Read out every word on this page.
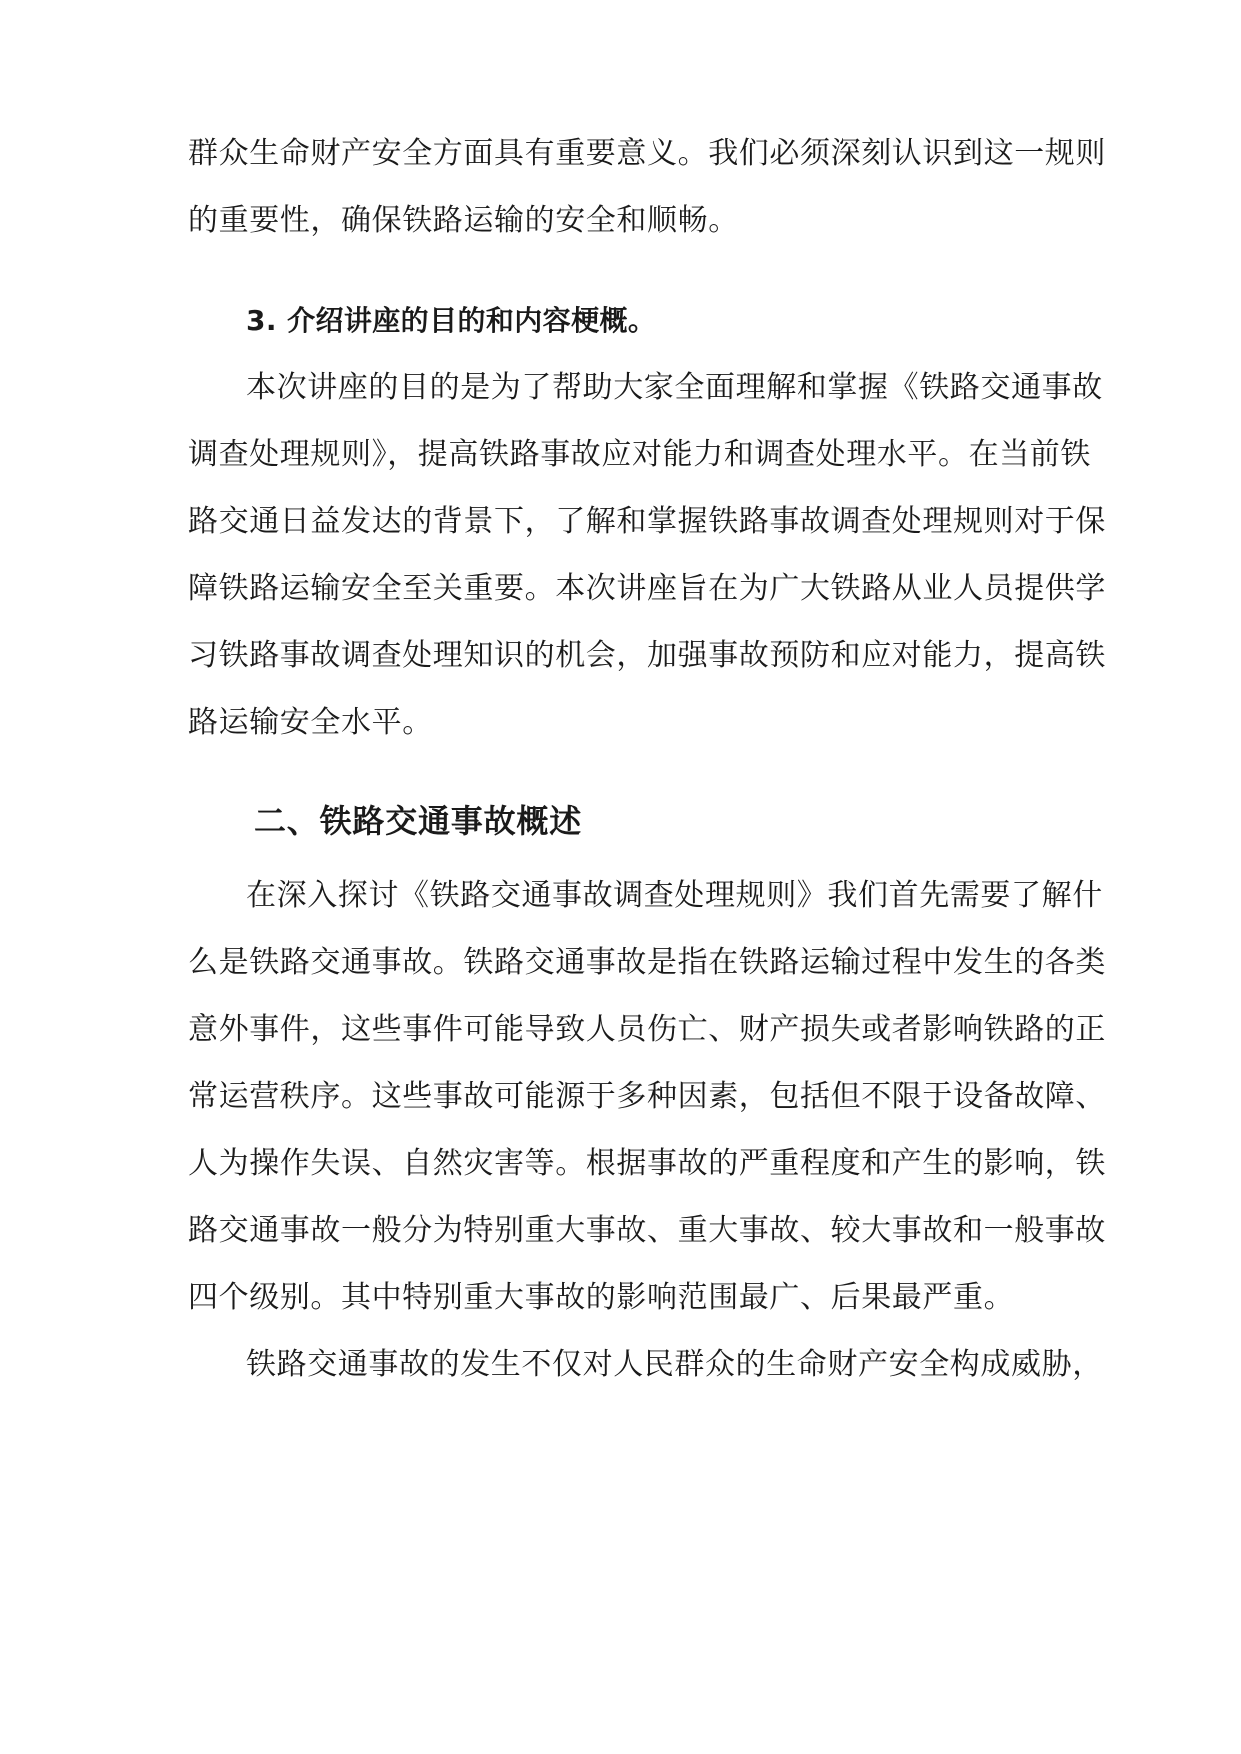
群众生命财产安全方面具有重要意义。我们必须深刻认识到这一规则
的重要性，确保铁路运输的安全和顺畅。
3. 介绍讲座的目的和内容梗概。
本次讲座的目的是为了帮助大家全面理解和掌握《铁路交通事故
调查处理规则》，提高铁路事故应对能力和调查处理水平。在当前铁
路交通日益发达的背景下，了解和掌握铁路事故调查处理规则对于保
障铁路运输安全至关重要。本次讲座旨在为广大铁路从业人员提供学
习铁路事故调查处理知识的机会，加强事故预防和应对能力，提高铁
路运输安全水平。
二、铁路交通事故概述
在深入探讨《铁路交通事故调查处理规则》我们首先需要了解什
么是铁路交通事故。铁路交通事故是指在铁路运输过程中发生的各类
意外事件，这些事件可能导致人员伤亡、财产损失或者影响铁路的正
常运营秩序。这些事故可能源于多种因素，包括但不限于设备故障、
人为操作失误、自然灾害等。根据事故的严重程度和产生的影响，铁
路交通事故一般分为特别重大事故、重大事故、较大事故和一般事故
四个级别。其中特别重大事故的影响范围最广、后果最严重。
铁路交通事故的发生不仅对人民群众的生命财产安全构成威胁，
